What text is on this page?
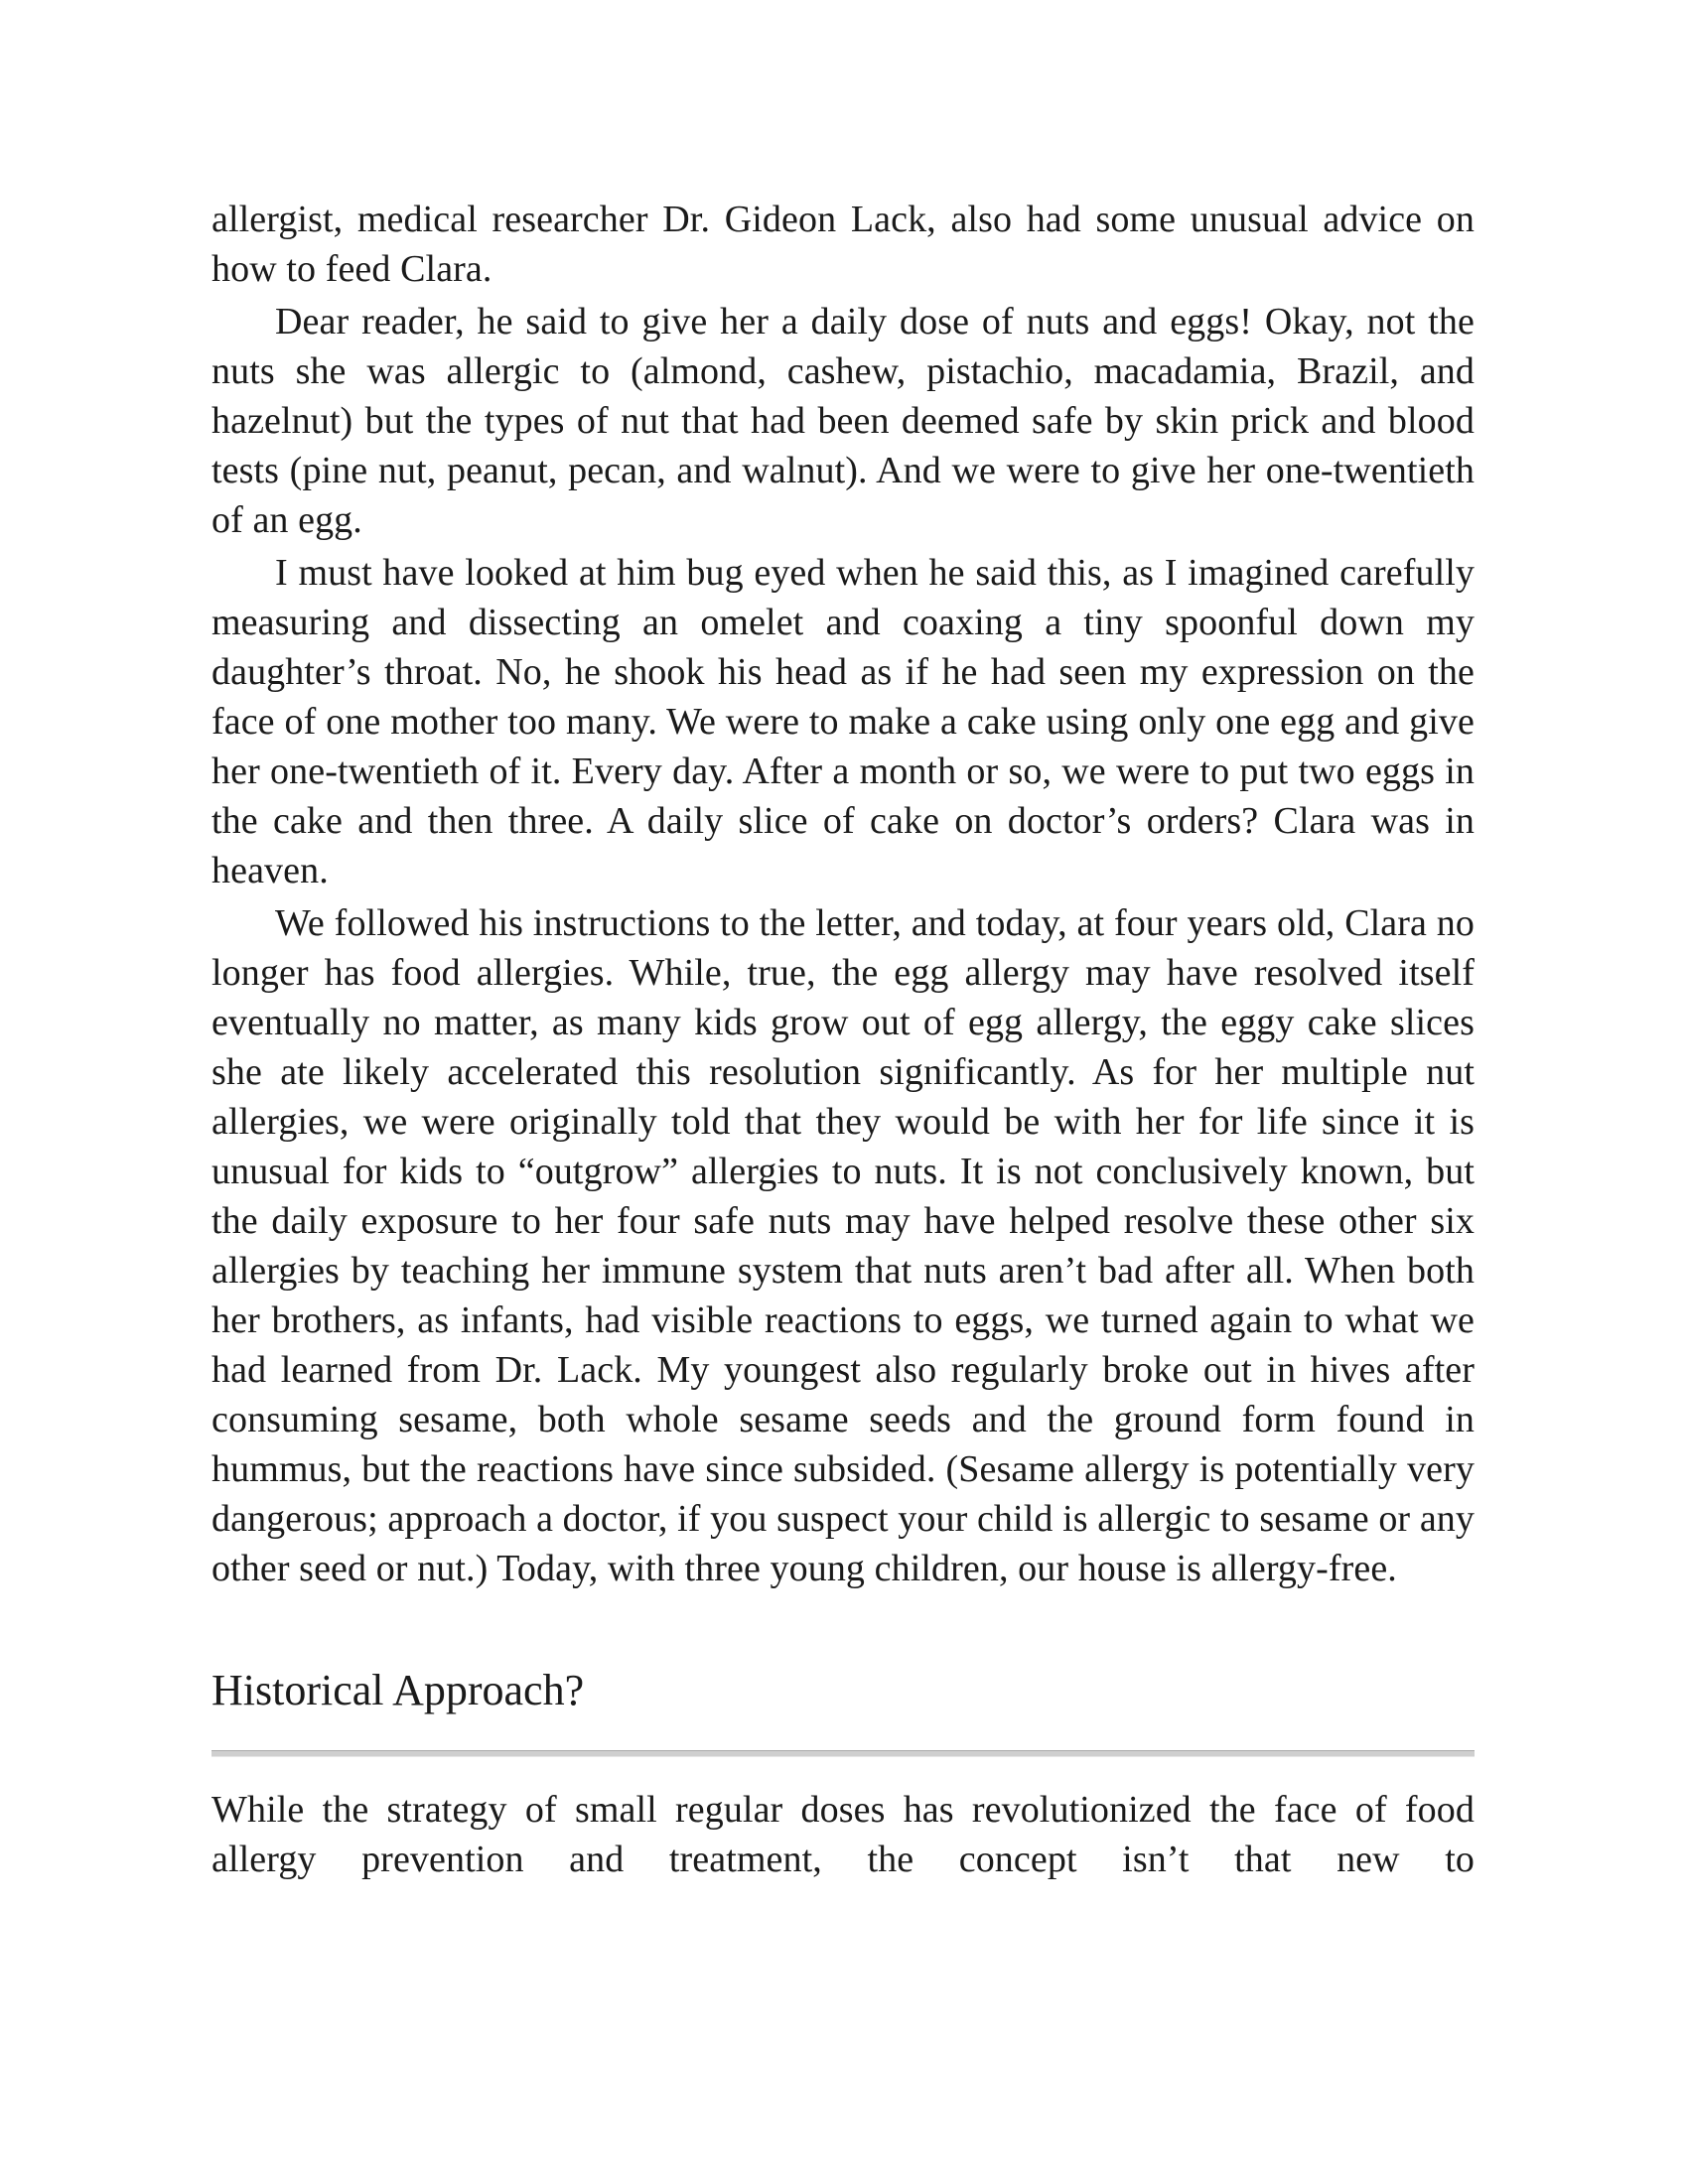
allergist, medical researcher Dr. Gideon Lack, also had some unusual advice on how to feed Clara.

Dear reader, he said to give her a daily dose of nuts and eggs! Okay, not the nuts she was allergic to (almond, cashew, pistachio, macadamia, Brazil, and hazelnut) but the types of nut that had been deemed safe by skin prick and blood tests (pine nut, peanut, pecan, and walnut). And we were to give her one-twentieth of an egg.

I must have looked at him bug eyed when he said this, as I imagined carefully measuring and dissecting an omelet and coaxing a tiny spoonful down my daughter’s throat. No, he shook his head as if he had seen my expression on the face of one mother too many. We were to make a cake using only one egg and give her one-twentieth of it. Every day. After a month or so, we were to put two eggs in the cake and then three. A daily slice of cake on doctor’s orders? Clara was in heaven.

We followed his instructions to the letter, and today, at four years old, Clara no longer has food allergies. While, true, the egg allergy may have resolved itself eventually no matter, as many kids grow out of egg allergy, the eggy cake slices she ate likely accelerated this resolution significantly. As for her multiple nut allergies, we were originally told that they would be with her for life since it is unusual for kids to “outgrow” allergies to nuts. It is not conclusively known, but the daily exposure to her four safe nuts may have helped resolve these other six allergies by teaching her immune system that nuts aren’t bad after all. When both her brothers, as infants, had visible reactions to eggs, we turned again to what we had learned from Dr. Lack. My youngest also regularly broke out in hives after consuming sesame, both whole sesame seeds and the ground form found in hummus, but the reactions have since subsided. (Sesame allergy is potentially very dangerous; approach a doctor, if you suspect your child is allergic to sesame or any other seed or nut.) Today, with three young children, our house is allergy-free.

Historical Approach?

While the strategy of small regular doses has revolutionized the face of food allergy prevention and treatment, the concept isn’t that new to
